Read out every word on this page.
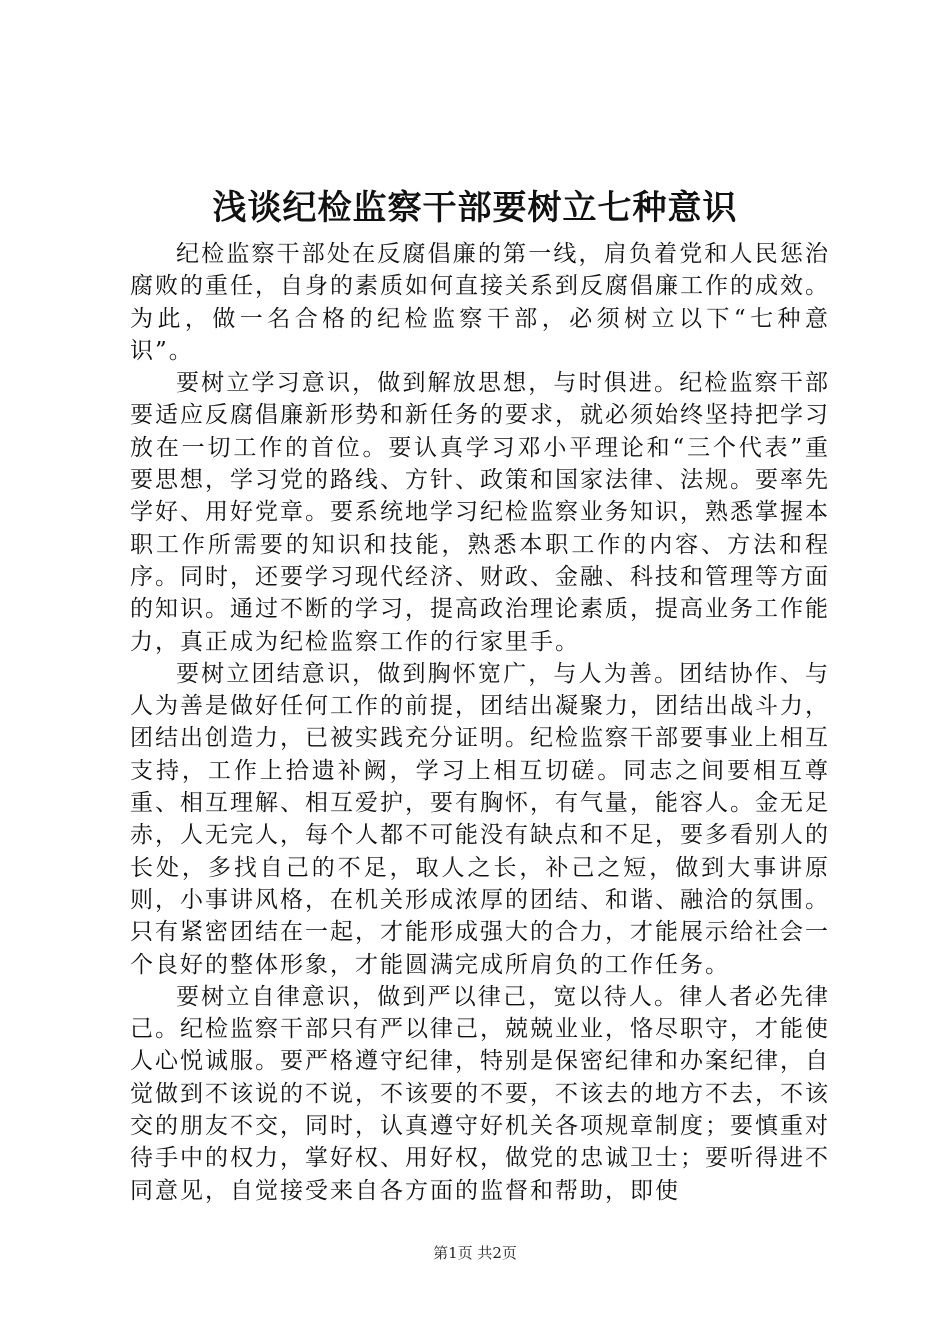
浅谈纪检监察干部要树立七种意识

纪检监察干部处在反腐倡廉的第一线，肩负着党和人民惩治腐败的重任，自身的素质如何直接关系到反腐倡廉工作的成效。为此，做一名合格的纪检监察干部，必须树立以下“七种意识”。

要树立学习意识，做到解放思想，与时俱进。纪检监察干部要适应反腐倡廉新形势和新任务的要求，就必须始终坚持把学习放在一切工作的首位。要认真学习邓小平理论和“三个代表”重要思想，学习党的路线、方针、政策和国家法律、法规。要率先学好、用好党章。要系统地学习纪检监察业务知识，熟悉掌握本职工作所需要的知识和技能，熟悉本职工作的内容、方法和程序。同时，还要学习现代经济、财政、金融、科技和管理等方面的知识。通过不断的学习，提高政治理论素质，提高业务工作能力，真正成为纪检监察工作的行家里手。

要树立团结意识，做到胸怀宽广，与人为善。团结协作、与人为善是做好任何工作的前提，团结出凝聚力，团结出战斗力，团结出创造力，已被实践充分证明。纪检监察干部要事业上相互支持，工作上拾遗补阙，学习上相互切磋。同志之间要相互尊重、相互理解、相互爱护，要有胸怀，有气量，能容人。金无足赤，人无完人，每个人都不可能没有缺点和不足，要多看别人的长处，多找自己的不足，取人之长，补己之短，做到大事讲原则，小事讲风格，在机关形成浓厚的团结、和谐、融洽的氛围。只有紧密团结在一起，才能形成强大的合力，才能展示给社会一个良好的整体形象，才能圆满完成所肩负的工作任务。

要树立自律意识，做到严以律己，宽以待人。律人者必先律己。纪检监察干部只有严以律己，兢兢业业，恪尽职守，才能使人心悦诚服。要严格遵守纪律，特别是保密纪律和办案纪律，自觉做到不该说的不说，不该要的不要，不该去的地方不去，不该交的朋友不交，同时，认真遵守好机关各项规章制度；要慎重对待手中的权力，掌好权、用好权，做党的忠诚卫士；要听得进不同意见，自觉接受来自各方面的监督和帮助，即使

第1页 共2页
